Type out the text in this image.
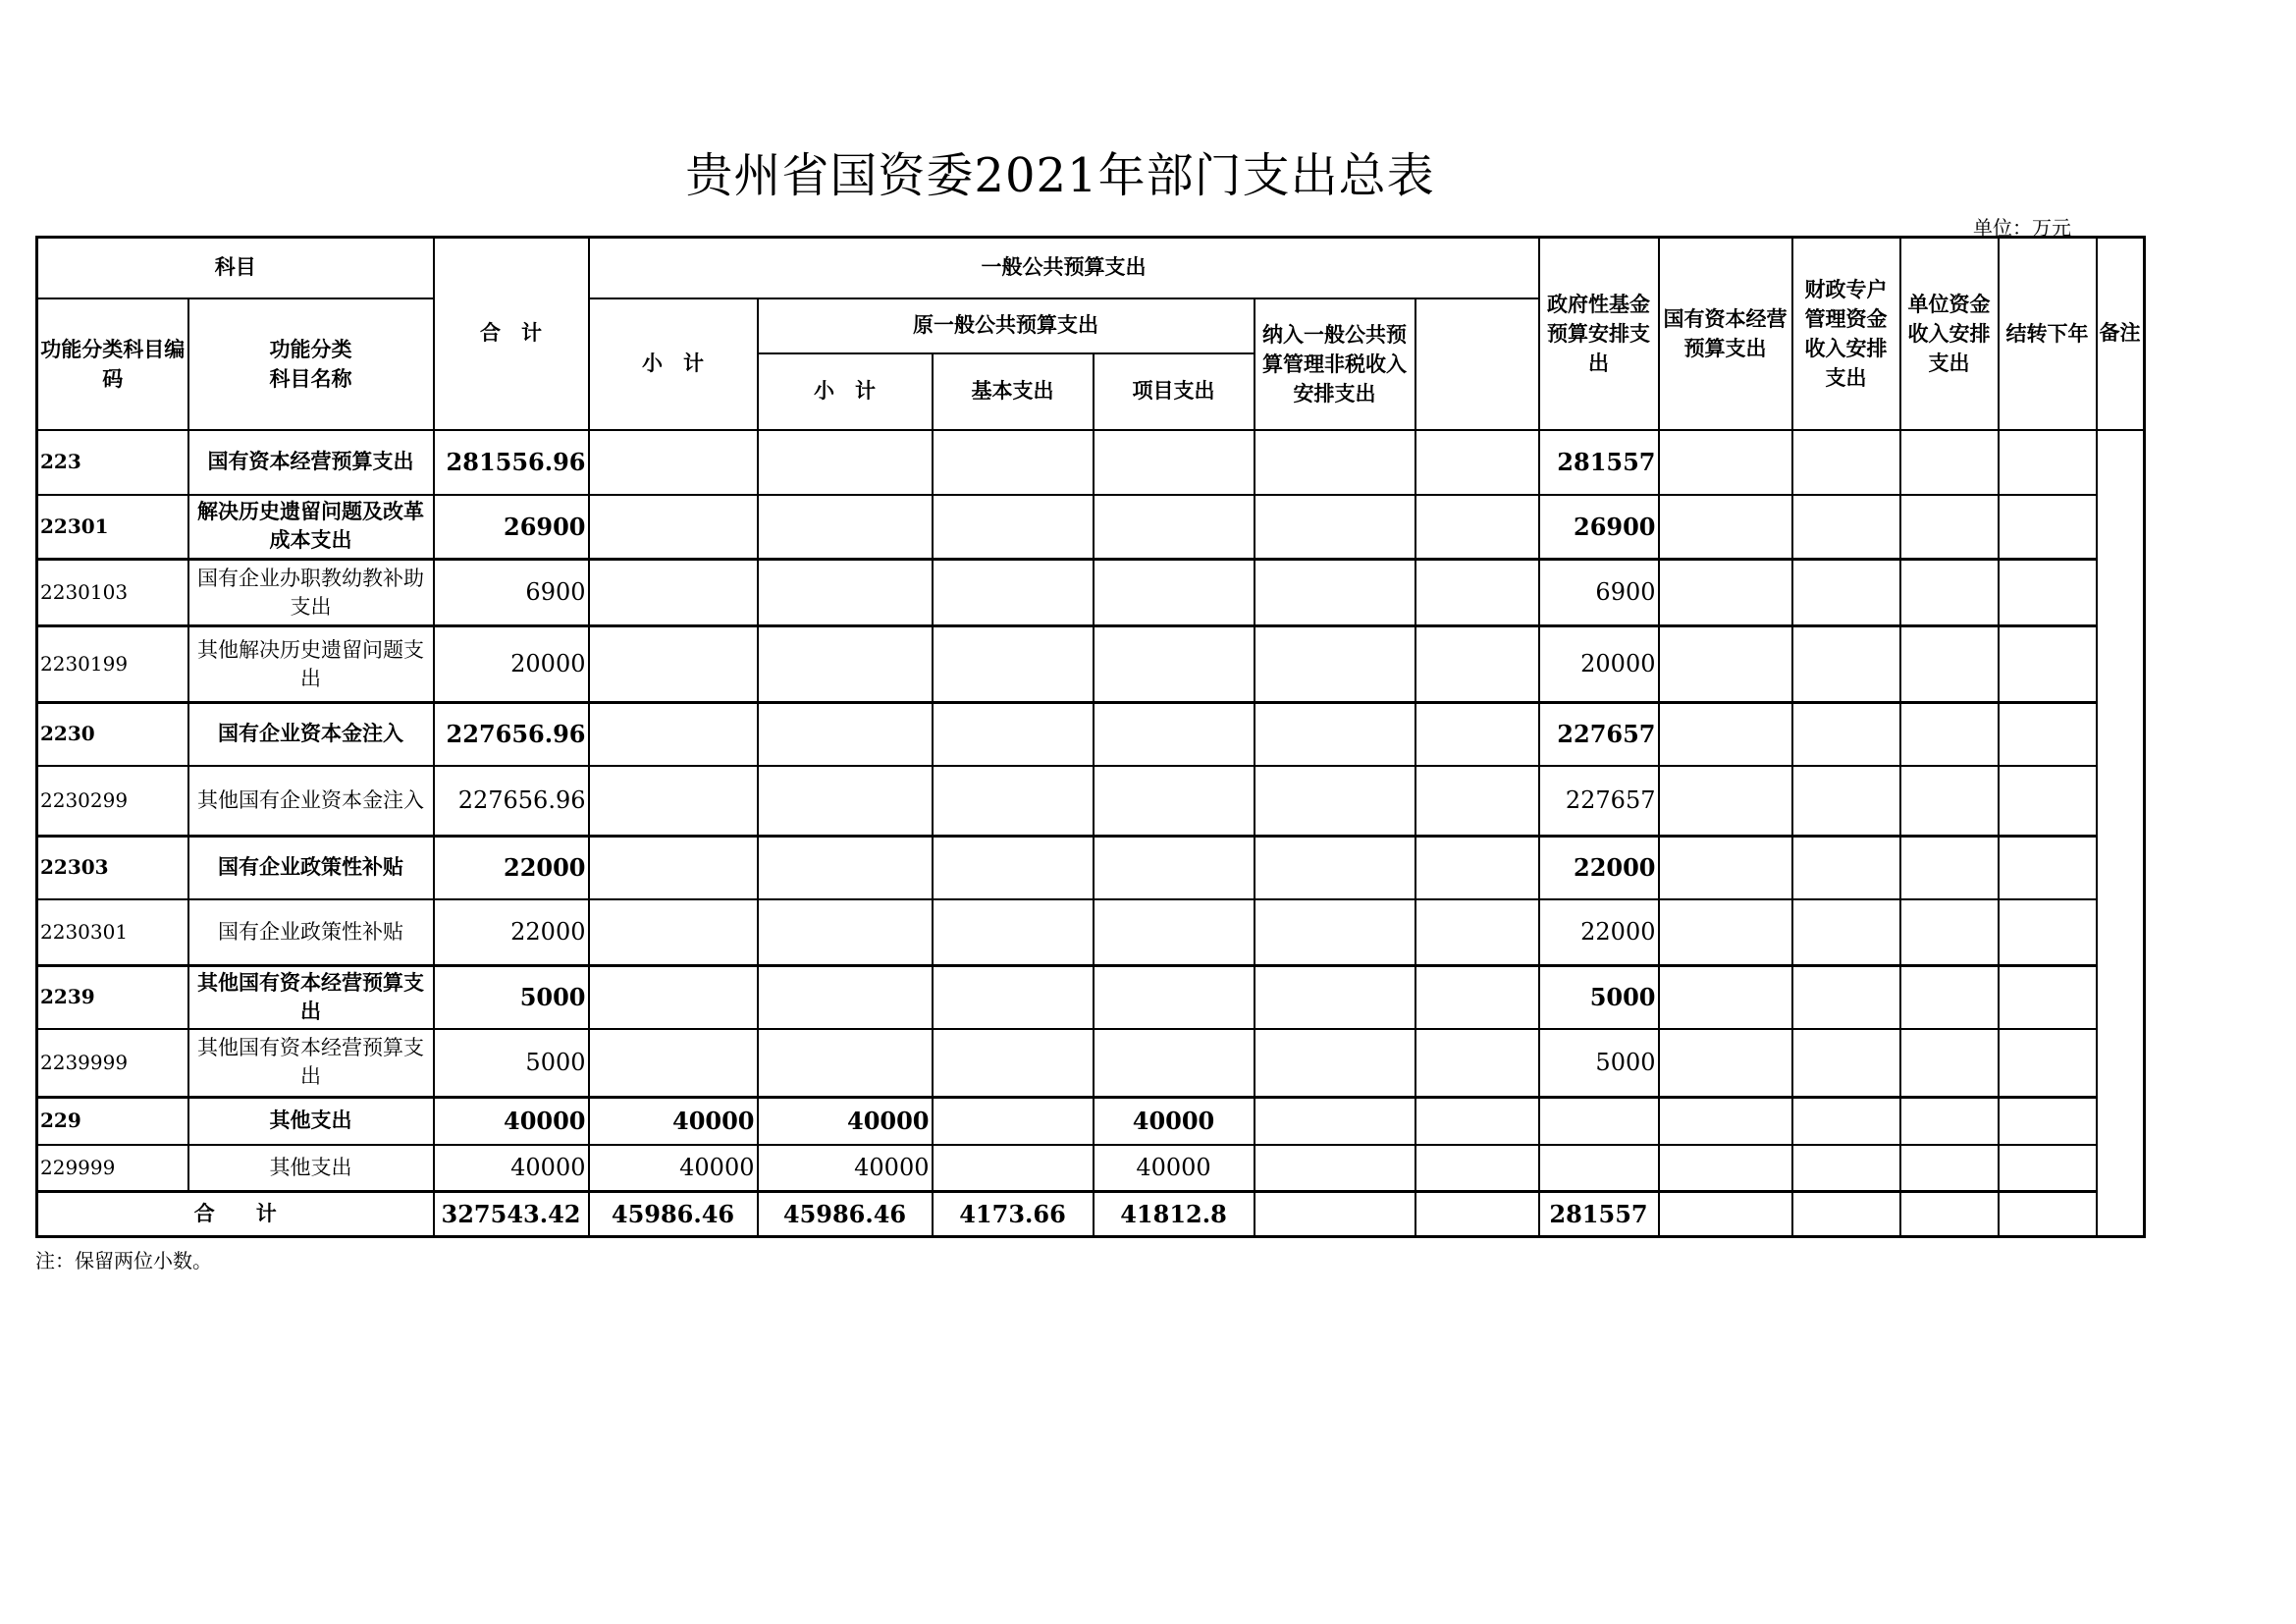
贵州省国资委2021年部门支出总表
单位：万元
科目		合　计	一般公共预算支出						政府性基金预算安排支出	国有资本经营预算支出	财政专户管理资金收入安排支出	单位资金收入安排支出	结转下年	备注
功能分类科目编码	功能分类
科目名称		小　计	原一般公共预算支出			纳入一般公共预算管理非税收入安排支出							
				小　计	基本支出	项目支出								
223	国有资本经营预算支出	281556.96							281557					
22301	解决历史遗留问题及改革成本支出	26900							26900					
2230103	国有企业办职教幼教补助支出	6900							6900					
2230199	其他解决历史遗留问题支出	20000							20000					
2230	国有企业资本金注入	227656.96							227657					
2230299	其他国有企业资本金注入	227656.96							227657					
22303	国有企业政策性补贴	22000							22000					
2230301	国有企业政策性补贴	22000							22000					
2239	其他国有资本经营预算支出	5000							5000					
2239999	其他国有资本经营预算支出	5000							5000					
229	其他支出	40000	40000	40000		40000								
229999	其他支出	40000	40000	40000		40000								
合　　计		327543.42	45986.46	45986.46	4173.66	41812.8			281557					
注：保留两位小数。
